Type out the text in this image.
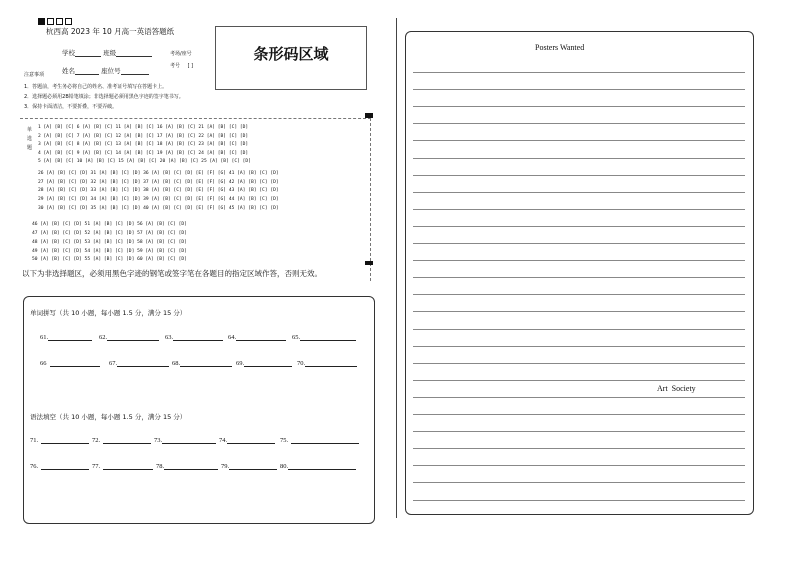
杭西高 2023 年 10 月高一英语答题纸
学校	班级
姓名	座位号
考场/座号
考号 [ ]
条形码区域
注意事项
1．答题前，考生务必将自己的姓名、准考证号填写在答题卡上。
2．选择题必须用2B铅笔填涂；非选择题必须用黑色字迹的签字笔书写。
3．保持卡面清洁，不要折叠，不要弄破。
单选题
1 [A] [B] [C] 6 [A] [B] [C] 11 [A] [B] [C] 16 [A] [B] [C] 21 [A] [B] [C] [D]
2 [A] [B] [C] 7 [A] [B] [C] 12 [A] [B] [C] 17 [A] [B] [C] 22 [A] [B] [C] [D]
3 [A] [B] [C] 8 [A] [B] [C] 13 [A] [B] [C] 18 [A] [B] [C] 23 [A] [B] [C] [D]
4 [A] [B] [C] 9 [A] [B] [C] 14 [A] [B] [C] 19 [A] [B] [C] 24 [A] [B] [C] [D]
5 [A] [B] [C] 10 [A] [B] [C] 15 [A] [B] [C] 20 [A] [B] [C] 25 [A] [B] [C] [D]
26 [A] [B] [C] [D] 31 [A] [B] [C] [D] 36 [A] [B] [C] [D] [E] [F] [G] 41 [A] [B] [C] [D]
27 [A] [B] [C] [D] 32 [A] [B] [C] [D] 37 [A] [B] [C] [D] [E] [F] [G] 42 [A] [B] [C] [D]
28 [A] [B] [C] [D] 33 [A] [B] [C] [D] 38 [A] [B] [C] [D] [E] [F] [G] 43 [A] [B] [C] [D]
29 [A] [B] [C] [D] 34 [A] [B] [C] [D] 39 [A] [B] [C] [D] [E] [F] [G] 44 [A] [B] [C] [D]
30 [A] [B] [C] [D] 35 [A] [B] [C] [D] 40 [A] [B] [C] [D] [E] [F] [G] 45 [A] [B] [C] [D]
46 [A] [B] [C] [D] 51 [A] [B] [C] [D] 56 [A] [B] [C] [D]
47 [A] [B] [C] [D] 52 [A] [B] [C] [D] 57 [A] [B] [C] [D]
48 [A] [B] [C] [D] 53 [A] [B] [C] [D] 58 [A] [B] [C] [D]
49 [A] [B] [C] [D] 54 [A] [B] [C] [D] 59 [A] [B] [C] [D]
50 [A] [B] [C] [D] 55 [A] [B] [C] [D] 60 [A] [B] [C] [D]
以下为非选择题区，必须用黑色字迹的钢笔或签字笔在各题目的指定区域作答，否则无效。
单词拼写（共 10 小题，每小题 1.5 分，满分 15 分）
61.	62.	63.	64.	65.
66	67.	68.	69.	70.
语法填空（共 10 小题，每小题 1.5 分，满分 15 分）
71.	72.	73.	74.	75.
76.	77.	78.	79.	80.
Posters Wanted
Art  Society
